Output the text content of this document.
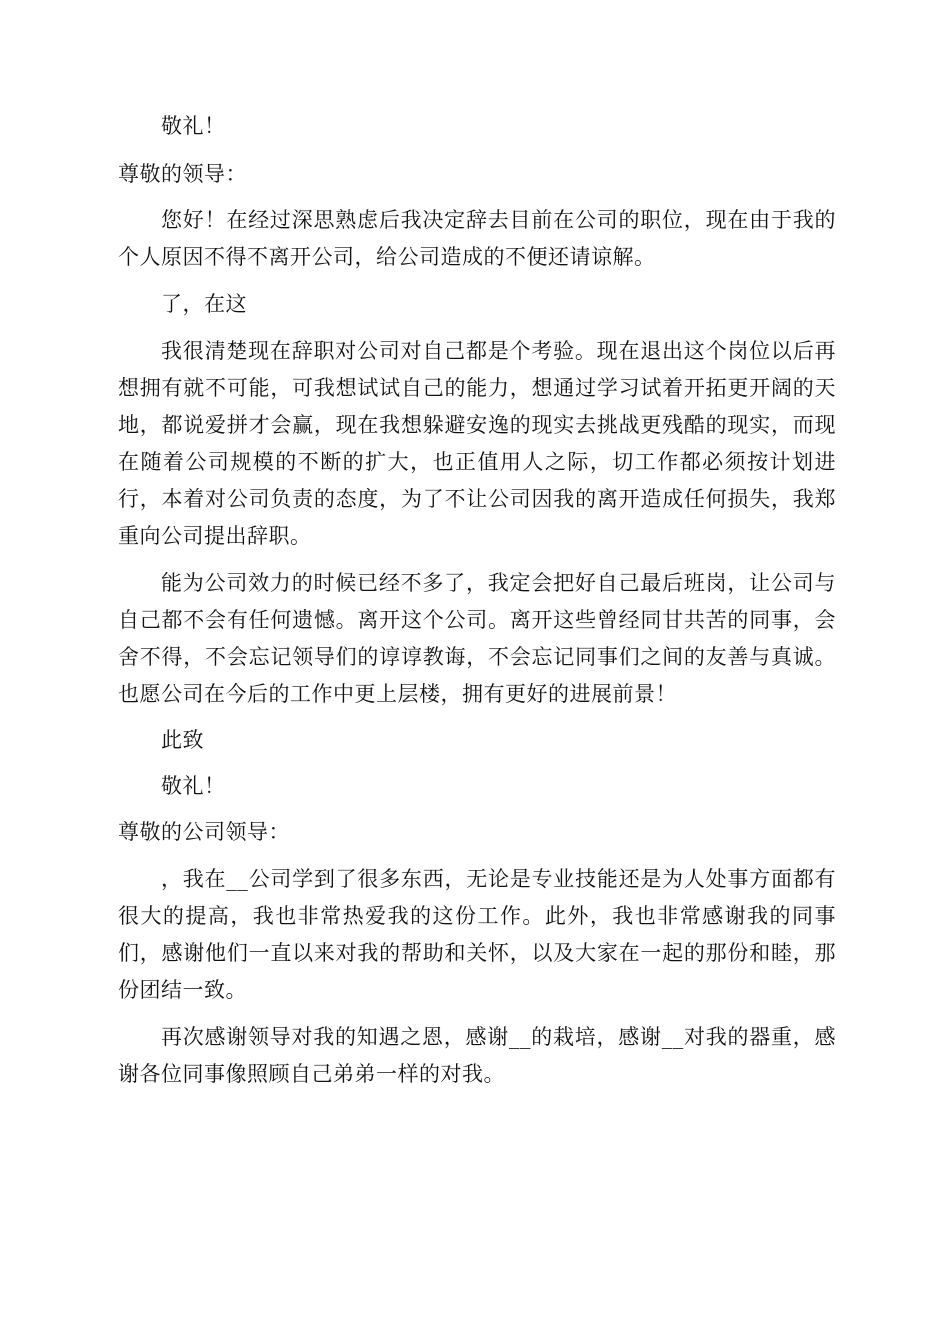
敬礼！

尊敬的领导：

您好！在经过深思熟虑后我决定辞去目前在公司的职位，现在由于我的个人原因不得不离开公司，给公司造成的不便还请谅解。

了，在这

我很清楚现在辞职对公司对自己都是个考验。现在退出这个岗位以后再想拥有就不可能，可我想试试自己的能力，想通过学习试着开拓更开阔的天地，都说爱拼才会赢，现在我想躲避安逸的现实去挑战更残酷的现实，而现在随着公司规模的不断的扩大，也正值用人之际，切工作都必须按计划进行，本着对公司负责的态度，为了不让公司因我的离开造成任何损失，我郑重向公司提出辞职。

能为公司效力的时候已经不多了，我定会把好自己最后班岗，让公司与自己都不会有任何遗憾。离开这个公司。离开这些曾经同甘共苦的同事，会舍不得，不会忘记领导们的谆谆教诲，不会忘记同事们之间的友善与真诚。也愿公司在今后的工作中更上层楼，拥有更好的进展前景！

此致

敬礼！

尊敬的公司领导：

，我在__公司学到了很多东西，无论是专业技能还是为人处事方面都有很大的提高，我也非常热爱我的这份工作。此外，我也非常感谢我的同事们，感谢他们一直以来对我的帮助和关怀，以及大家在一起的那份和睦，那份团结一致。

再次感谢领导对我的知遇之恩，感谢__的栽培，感谢__对我的器重，感谢各位同事像照顾自己弟弟一样的对我。
